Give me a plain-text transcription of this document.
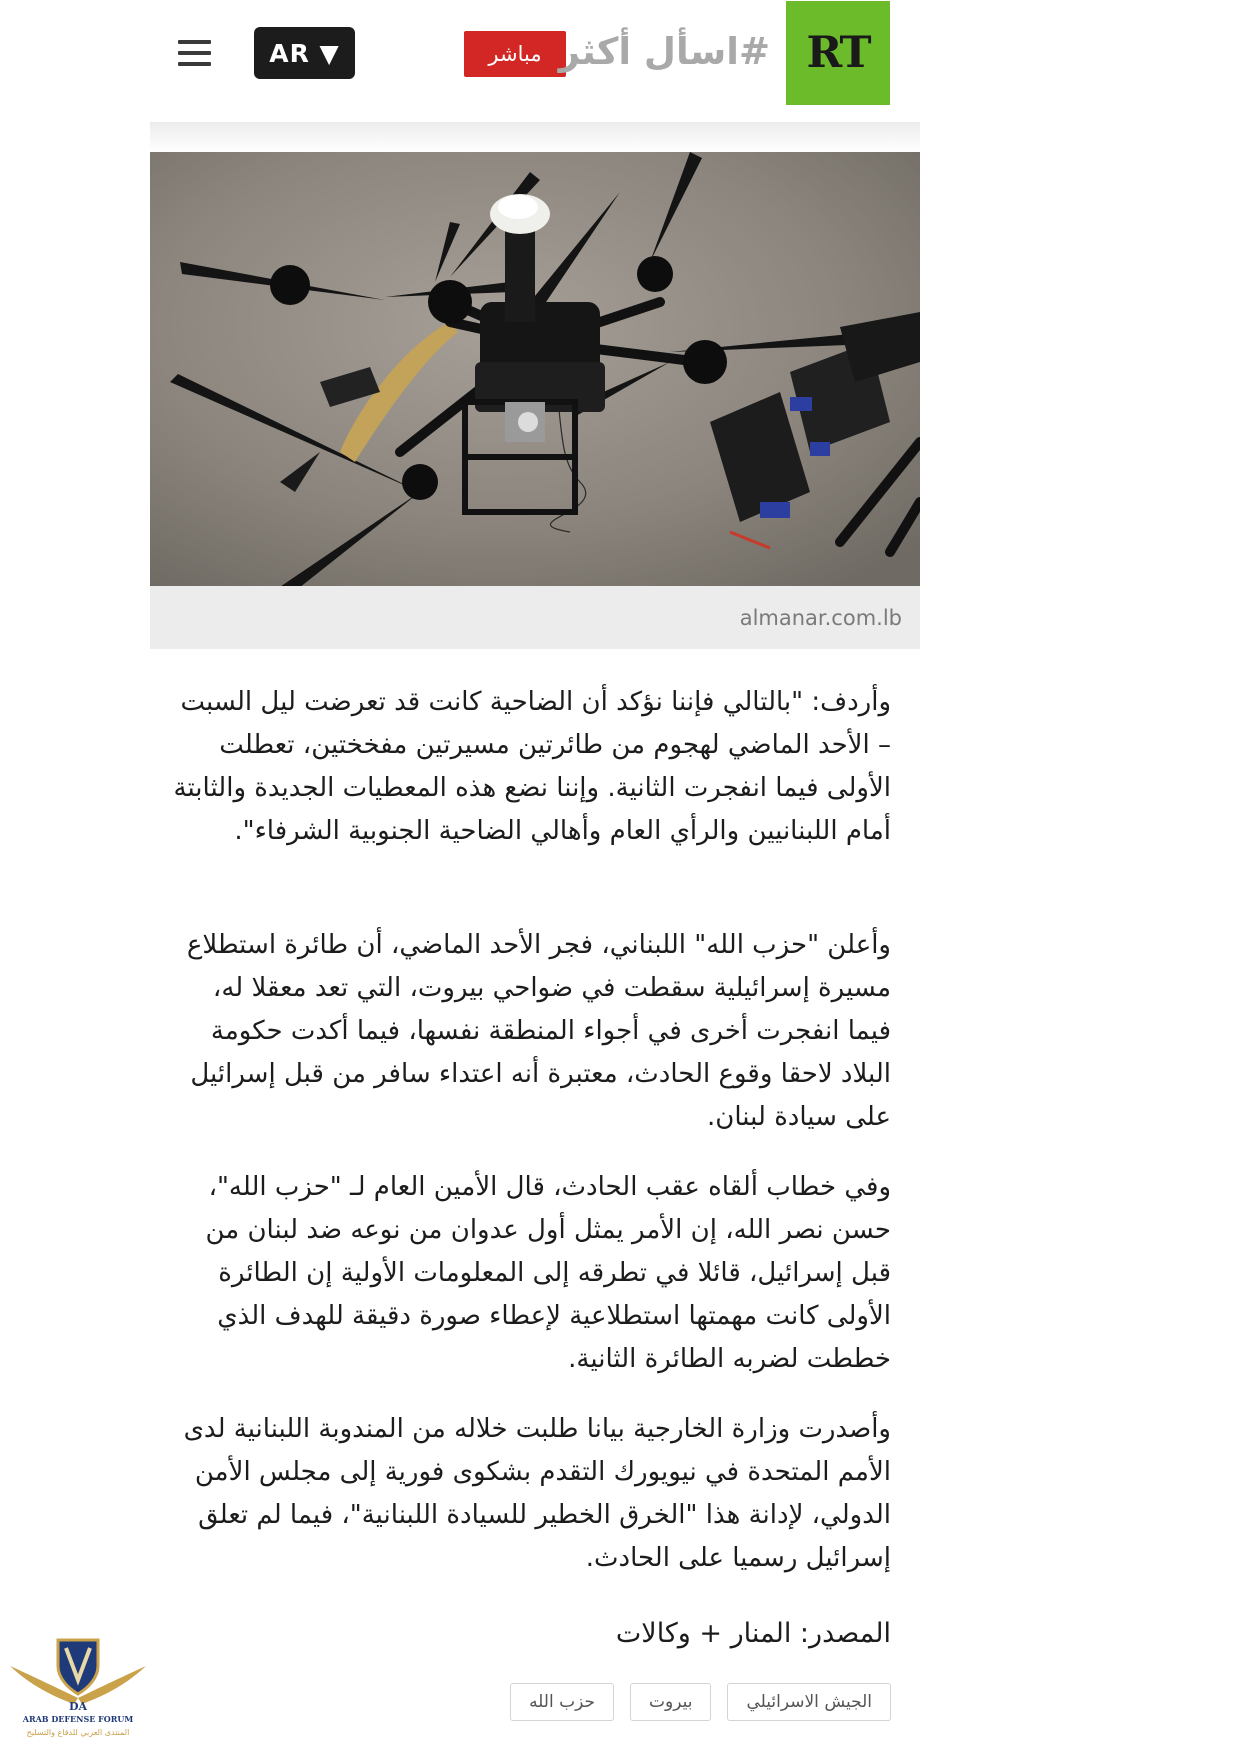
AR ▼	مباشر #اسأل أكثر RT
almanar.com.lb

وأردف: "بالتالي فإننا نؤكد أن الضاحية كانت قد تعرضت ليل السبت – الأحد الماضي لهجوم من طائرتين مسيرتين مفخختين، تعطلت الأولى فيما انفجرت الثانية. وإننا نضع هذه المعطيات الجديدة والثابتة أمام اللبنانيين والرأي العام وأهالي الضاحية الجنوبية الشرفاء".

وأعلن "حزب الله" اللبناني، فجر الأحد الماضي، أن طائرة استطلاع مسيرة إسرائيلية سقطت في ضواحي بيروت، التي تعد معقلا له، فيما انفجرت أخرى في أجواء المنطقة نفسها، فيما أكدت حكومة البلاد لاحقا وقوع الحادث، معتبرة أنه اعتداء سافر من قبل إسرائيل على سيادة لبنان.

وفي خطاب ألقاه عقب الحادث، قال الأمين العام لـ "حزب الله"، حسن نصر الله، إن الأمر يمثل أول عدوان من نوعه ضد لبنان من قبل إسرائيل، قائلا في تطرقه إلى المعلومات الأولية إن الطائرة الأولى كانت مهمتها استطلاعية لإعطاء صورة دقيقة للهدف الذي خططت لضربه الطائرة الثانية.

وأصدرت وزارة الخارجية بيانا طلبت خلاله من المندوبة اللبنانية لدى الأمم المتحدة في نيويورك التقدم بشكوى فورية إلى مجلس الأمن الدولي، لإدانة هذا "الخرق الخطير للسيادة اللبنانية"، فيما لم تعلق إسرائيل رسميا على الحادث.

المصدر: المنار + وكالات
الجيش الاسرائيلي
بيروت
حزب الله
DA
ARAB DEFENSE FORUM
المنتدى العربي للدفاع والتسليح
